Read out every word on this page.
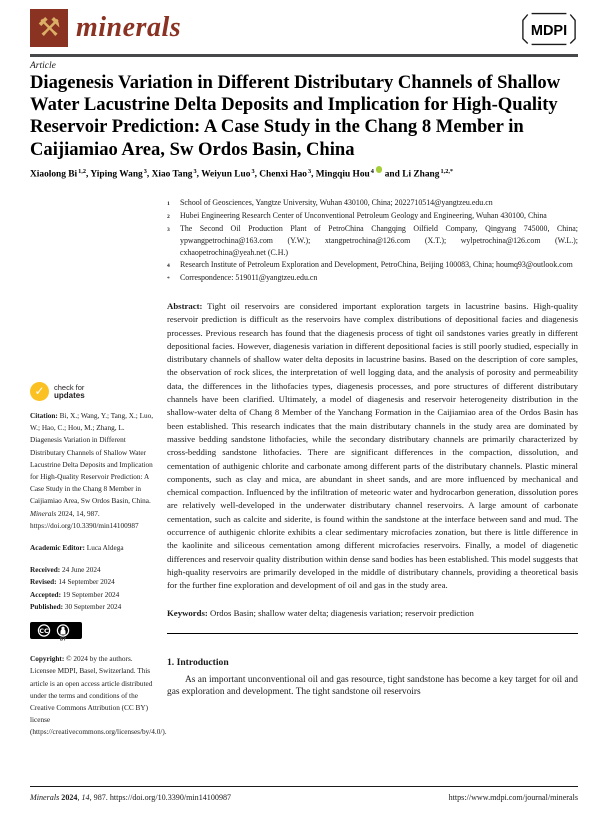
⚒ minerals	MDPI
Article
Diagenesis Variation in Different Distributary Channels of Shallow Water Lacustrine Delta Deposits and Implication for High-Quality Reservoir Prediction: A Case Study in the Chang 8 Member in Caijiamiao Area, Sw Ordos Basin, China
Xiaolong Bi$^{1,2}$, Yiping Wang$^3$, Xiao Tang$^3$, Weiyun Luo$^3$, Chenxi Hao$^3$, Mingqiu Hou$^4$ and Li Zhang$^{1,2,*}$
1	School of Geosciences, Yangtze University, Wuhan 430100, China; 2022710514@yangtzeu.edu.cn
2	Hubei Engineering Research Center of Unconventional Petroleum Geology and Engineering, Wuhan 430100, China
3	The Second Oil Production Plant of PetroChina Changqing Oilfield Company, Qingyang 745000, China; ypwangpetrochina@163.com (Y.W.); xtangpetrochina@126.com (X.T.); wylpetrochina@126.com (W.L.); cxhaopetrochina@yeah.net (C.H.)
4	Research Institute of Petroleum Exploration and Development, PetroChina, Beijing 100083, China; houmq93@outlook.com
*	Correspondence: 519011@yangtzeu.edu.cn

Abstract: Tight oil reservoirs are considered important exploration targets in lacustrine basins. High-quality reservoir prediction is difficult as the reservoirs have complex distributions of depositional facies and diagenesis processes. Previous research has found that the diagenesis process of tight oil sandstones varies greatly in different depositional facies. However, diagenesis variation in different depositional facies is still poorly studied, especially in distributary channels of shallow water delta deposits in lacustrine basins. Based on the description of core samples, the observation of rock slices, the interpretation of well logging data, and the analysis of porosity and permeability data, the differences in the lithofacies types, diagenesis processes, and pore structures of different distributary channels have been clarified. Ultimately, a model of diagenesis and reservoir heterogeneity distribution in the shallow-water delta of Chang 8 Member of the Yanchang Formation in the Caijiamiao area of the Ordos Basin has been established. This research indicates that the main distributary channels in the study area are dominated by massive bedding sandstone lithofacies, while the secondary distributary channels are primarily characterized by cross-bedding sandstone lithofacies. There are significant differences in the compaction, dissolution, and cementation of authigenic chlorite and carbonate among different parts of the distributary channels. Plastic mineral components, such as clay and mica, are abundant in sheet sands, and are more influenced by mechanical and chemical compaction. Influenced by the infiltration of meteoric water and hydrocarbon generation, dissolution pores are relatively well-developed in the underwater distributary channel reservoirs. A large amount of carbonate cementation, such as calcite and siderite, is found within the sandstone at the interface between sand and mud. The occurrence of authigenic chlorite exhibits a clear sedimentary microfacies zonation, but there is little difference in the kaolinite and siliceous cementation among different microfacies reservoirs. Finally, a model of diagenetic differences and reservoir quality distribution within dense sand bodies has been established. This model suggests that high-quality reservoirs are primarily developed in the middle of distributary channels, providing a theoretical basis for the further fine exploration and development of oil and gas in the study area.

Keywords: Ordos Basin; shallow water delta; diagenesis variation; reservoir prediction

1. Introduction

As an important unconventional oil and gas resource, tight sandstone has become a key target for oil and gas exploration and development. The tight sandstone oil reservoirs

✓ check for
updates

Citation: Bi, X.; Wang, Y.; Tang, X.; Luo, W.; Hao, C.; Hou, M.; Zhang, L. Diagenesis Variation in Different Distributary Channels of Shallow Water Lacustrine Delta Deposits and Implication for High-Quality Reservoir Prediction: A Case Study in the Chang 8 Member in Caijiamiao Area, Sw Ordos Basin, China. Minerals 2024, 14, 987. https://doi.org/10.3390/min14100987

Academic Editor: Luca Aldega

Received: 24 June 2024
Revised: 14 September 2024
Accepted: 19 September 2024
Published: 30 September 2024
CC
BY

Copyright: © 2024 by the authors. Licensee MDPI, Basel, Switzerland. This article is an open access article distributed under the terms and conditions of the Creative Commons Attribution (CC BY) license (https://creativecommons.org/licenses/by/4.0/).

Minerals 2024, 14, 987. https://doi.org/10.3390/min14100987	https://www.mdpi.com/journal/minerals
